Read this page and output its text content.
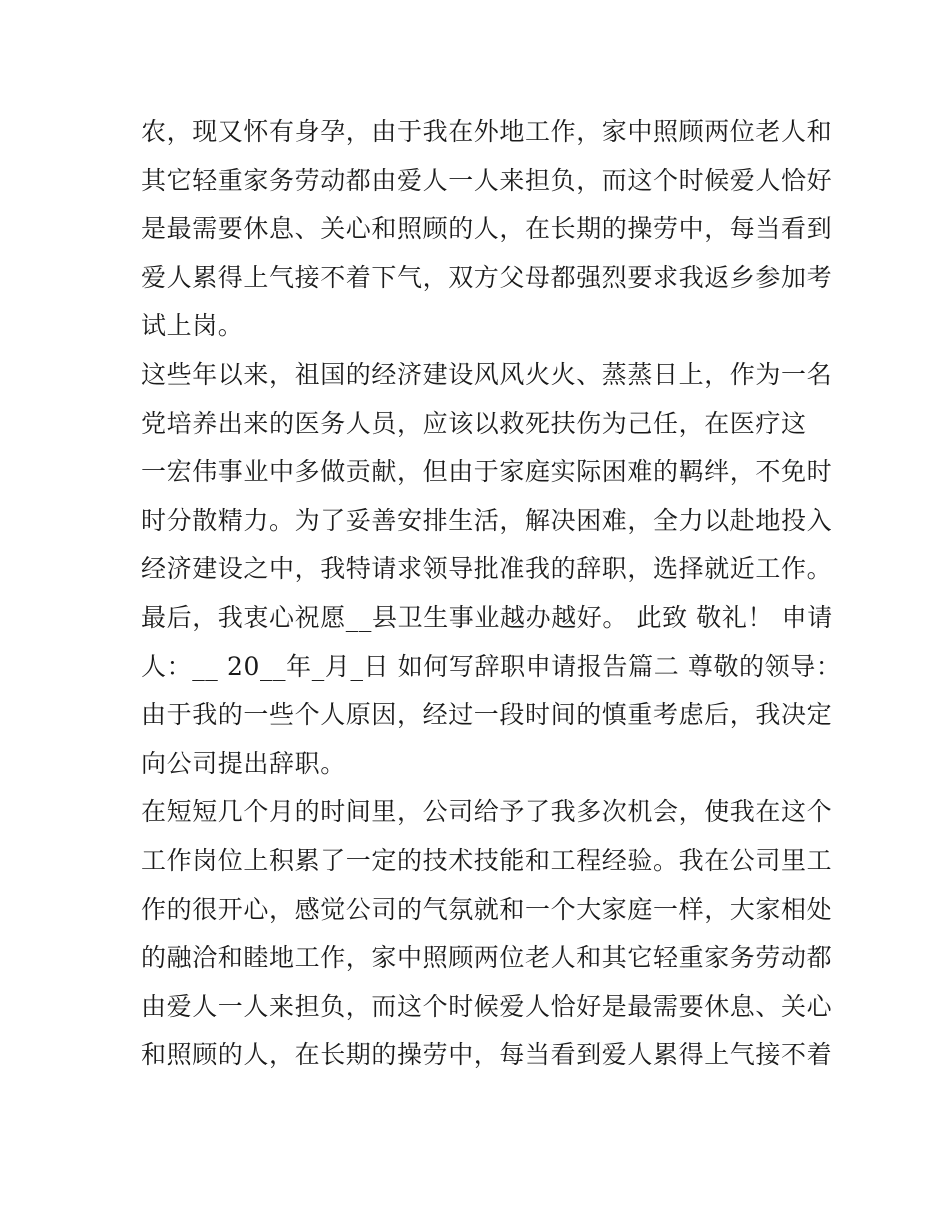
农，现又怀有身孕，由于我在外地工作，家中照顾两位老人和
其它轻重家务劳动都由爱人一人来担负，而这个时候爱人恰好
是最需要休息、关心和照顾的人，在长期的操劳中，每当看到
爱人累得上气接不着下气，双方父母都强烈要求我返乡参加考
试上岗。
这些年以来，祖国的经济建设风风火火、蒸蒸日上，作为一名
党培养出来的医务人员，应该以救死扶伤为己任，在医疗这
一宏伟事业中多做贡献，但由于家庭实际困难的羁绊，不免时
时分散精力。为了妥善安排生活，解决困难，全力以赴地投入
经济建设之中，我特请求领导批准我的辞职，选择就近工作。
最后，我衷心祝愿__县卫生事业越办越好。 此致 敬礼！ 申请
人：__ 20__年_月_日 如何写辞职申请报告篇二 尊敬的领导：
由于我的一些个人原因，经过一段时间的慎重考虑后，我决定
向公司提出辞职。
在短短几个月的时间里，公司给予了我多次机会，使我在这个
工作岗位上积累了一定的技术技能和工程经验。我在公司里工
作的很开心，感觉公司的气氛就和一个大家庭一样，大家相处
的融洽和睦地工作，家中照顾两位老人和其它轻重家务劳动都
由爱人一人来担负，而这个时候爱人恰好是最需要休息、关心
和照顾的人，在长期的操劳中，每当看到爱人累得上气接不着
